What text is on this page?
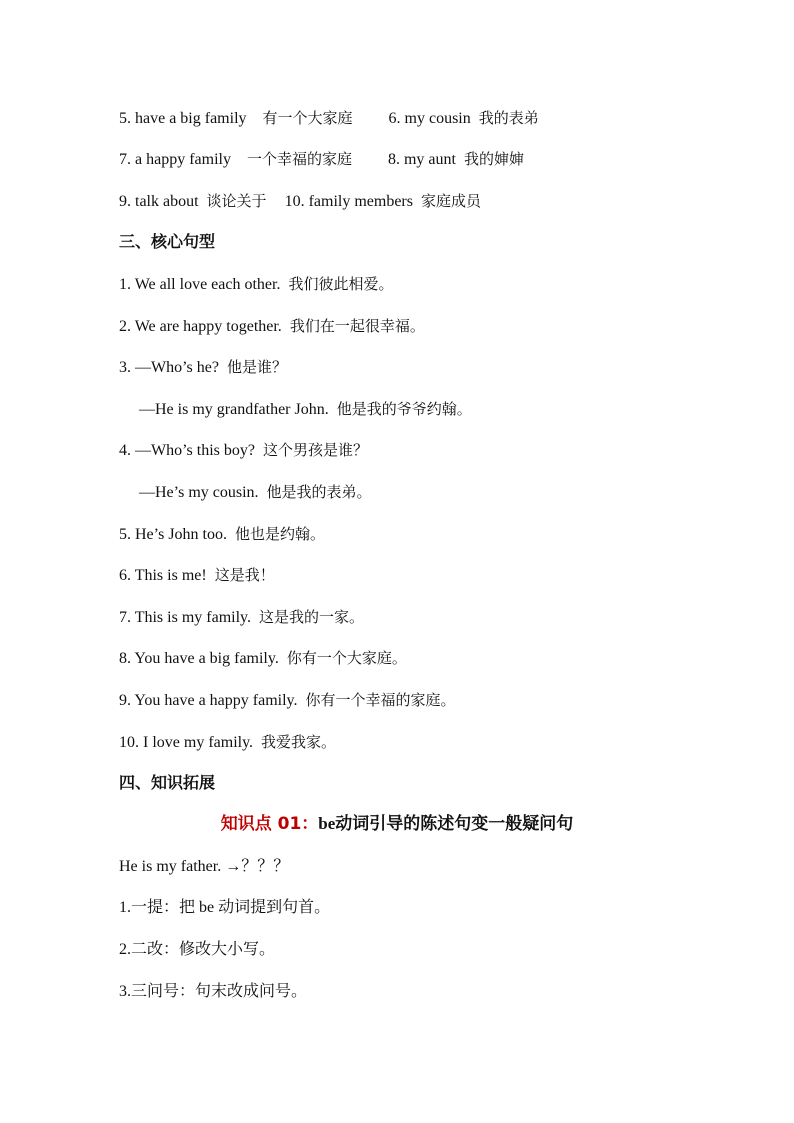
5. have a big family 有一个大家庭 6. my cousin 我的表弟
7. a happy family 一个幸福的家庭 8. my aunt 我的婶婶
9. talk about 谈论关于 10. family members 家庭成员
三、核心句型
1. We all love each other. 我们彼此相爱。
2. We are happy together. 我们在一起很幸福。
3. —Who’s he? 他是谁？
—He is my grandfather John. 他是我的爷爷约翰。
4. —Who’s this boy? 这个男孩是谁？
—He’s my cousin. 他是我的表弟。
5. He’s John too. 他也是约翰。
6. This is me! 这是我！
7. This is my family. 这是我的一家。
8. You have a big family. 你有一个大家庭。
9. You have a happy family. 你有一个幸福的家庭。
10. I love my family. 我爱我家。
四、知识拓展
知识点 01：be动词引导的陈述句变一般疑问句
He is my father. →？？？
1.一提：把 be 动词提到句首。
2.二改：修改大小写。
3.三问号：句末改成问号。
